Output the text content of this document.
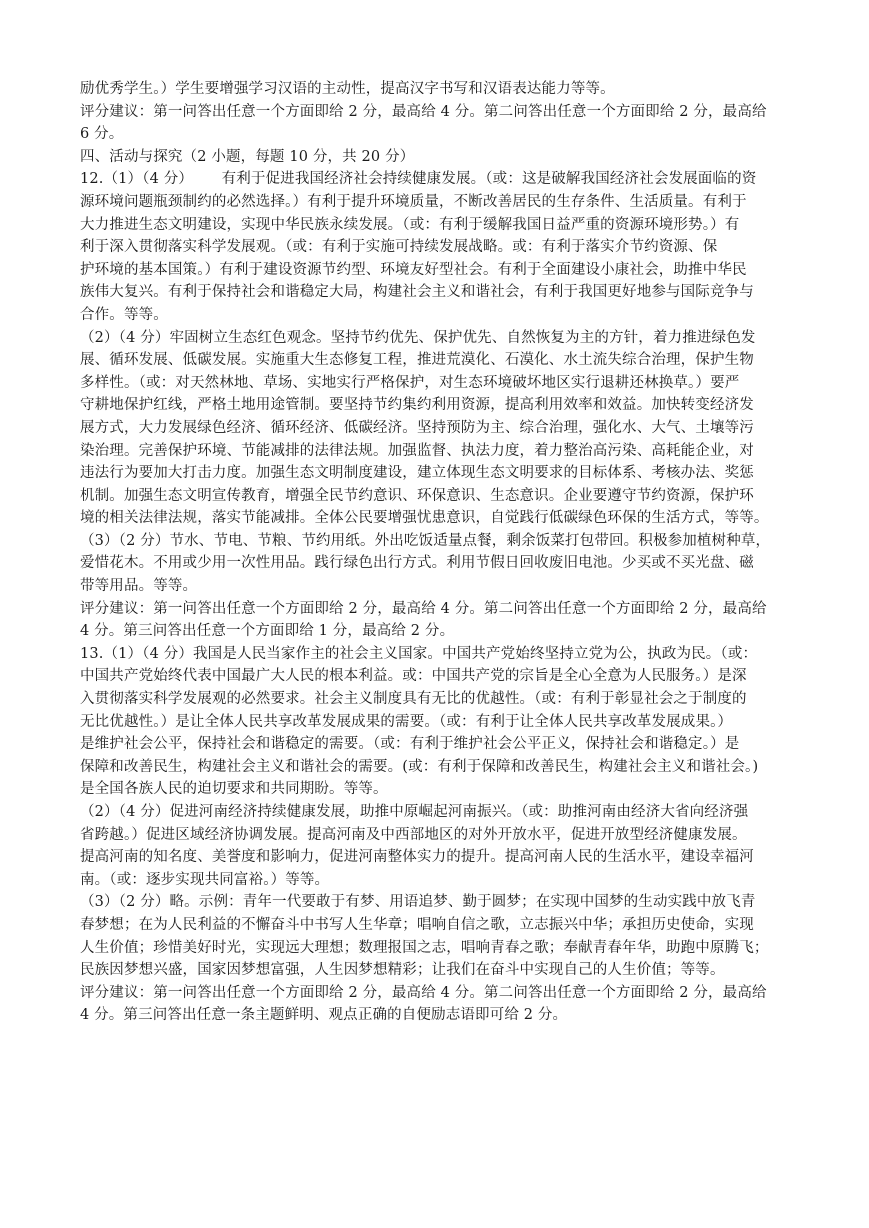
励优秀学生。）学生要增强学习汉语的主动性，提高汉字书写和汉语表达能力等等。
评分建议：第一问答出任意一个方面即给 2 分，最高给 4 分。第二问答出任意一个方面即给 2 分，最高给
6 分。
四、活动与探究（2 小题，每题 10 分，共 20 分）
12.（1）（4 分）      有利于促进我国经济社会持续健康发展。（或：这是破解我国经济社会发展面临的资
源环境问题瓶颈制约的必然选择。）有利于提升环境质量，不断改善居民的生存条件、生活质量。有利于
大力推进生态文明建设，实现中华民族永续发展。（或：有利于缓解我国日益严重的资源环境形势。）有
利于深入贯彻落实科学发展观。（或：有利于实施可持续发展战略。或：有利于落实介节约资源、保
护环境的基本国策。）有利于建设资源节约型、环境友好型社会。有利于全面建设小康社会，助推中华民
族伟大复兴。有利于保持社会和谐稳定大局，构建社会主义和谐社会，有利于我国更好地参与国际竞争与
合作。等等。
（2）（4 分）牢固树立生态红色观念。坚持节约优先、保护优先、自然恢复为主的方针，着力推进绿色发
展、循环发展、低碳发展。实施重大生态修复工程，推进荒漠化、石漠化、水土流失综合治理，保护生物
多样性。（或：对天然林地、草场、实地实行严格保护，对生态环境破坏地区实行退耕还林换草。）要严
守耕地保护红线，严格土地用途管制。要坚持节约集约利用资源，提高利用效率和效益。加快转变经济发
展方式，大力发展绿色经济、循环经济、低碳经济。坚持预防为主、综合治理，强化水、大气、土壤等污
染治理。完善保护环境、节能减排的法律法规。加强监督、执法力度，着力整治高污染、高耗能企业，对
违法行为要加大打击力度。加强生态文明制度建设，建立体现生态文明要求的目标体系、考核办法、奖惩
机制。加强生态文明宣传教育，增强全民节约意识、环保意识、生态意识。企业要遵守节约资源，保护环
境的相关法律法规，落实节能减排。全体公民要增强忧患意识，自觉践行低碳绿色环保的生活方式，等等。
（3）（2 分）节水、节电、节粮、节约用纸。外出吃饭适量点餐，剩余饭菜打包带回。积极参加植树种草，
爱惜花木。不用或少用一次性用品。践行绿色出行方式。利用节假日回收废旧电池。少买或不买光盘、磁
带等用品。等等。
评分建议：第一问答出任意一个方面即给 2 分，最高给 4 分。第二问答出任意一个方面即给 2 分，最高给
4 分。第三问答出任意一个方面即给 1 分，最高给 2 分。
13.（1）（4 分）我国是人民当家作主的社会主义国家。中国共产党始终坚持立党为公，执政为民。（或：
中国共产党始终代表中国最广大人民的根本利益。或：中国共产党的宗旨是全心全意为人民服务。）是深
入贯彻落实科学发展观的必然要求。社会主义制度具有无比的优越性。（或：有利于彰显社会之于制度的
无比优越性。）是让全体人民共享改革发展成果的需要。（或：有利于让全体人民共享改革发展成果。）
是维护社会公平，保持社会和谐稳定的需要。（或：有利于维护社会公平正义，保持社会和谐稳定。）是
保障和改善民生，构建社会主义和谐社会的需要。(或：有利于保障和改善民生，构建社会主义和谐社会。)
是全国各族人民的迫切要求和共同期盼。等等。
（2）（4 分）促进河南经济持续健康发展，助推中原崛起河南振兴。（或：助推河南由经济大省向经济强
省跨越。）促进区域经济协调发展。提高河南及中西部地区的对外开放水平，促进开放型经济健康发展。
提高河南的知名度、美誉度和影响力，促进河南整体实力的提升。提高河南人民的生活水平，建设幸福河
南。（或：逐步实现共同富裕。）等等。
（3）（2 分）略。示例：青年一代要敢于有梦、用语追梦、勤于圆梦；在实现中国梦的生动实践中放飞青
春梦想；在为人民利益的不懈奋斗中书写人生华章；唱响自信之歌，立志振兴中华；承担历史使命，实现
人生价值；珍惜美好时光，实现远大理想；数理报国之志，唱响青春之歌；奉献青春年华，助跑中原腾飞；
民族因梦想兴盛，国家因梦想富强，人生因梦想精彩；让我们在奋斗中实现自己的人生价值；等等。
评分建议：第一问答出任意一个方面即给 2 分，最高给 4 分。第二问答出任意一个方面即给 2 分，最高给
4 分。第三问答出任意一条主题鲜明、观点正确的自便励志语即可给 2 分。
